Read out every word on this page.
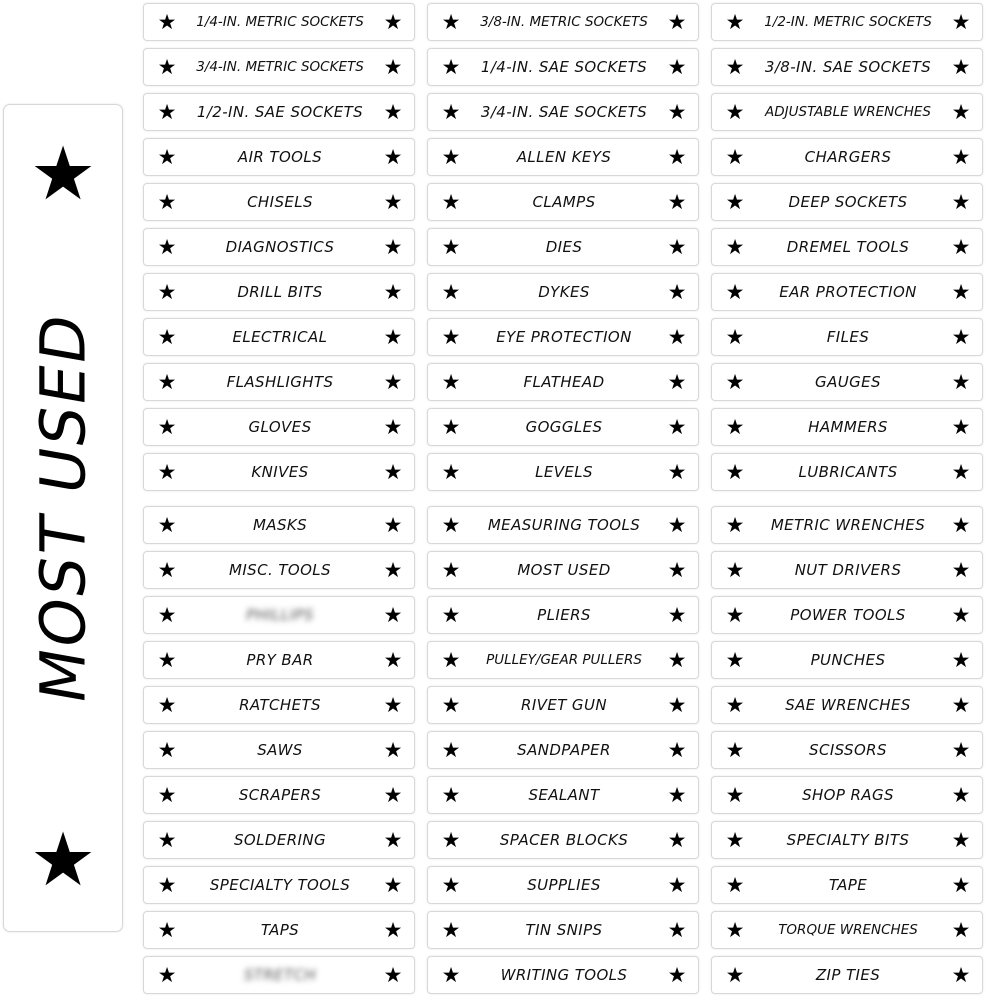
★
MOST USED
★
★	1/4-IN. METRIC SOCKETS ★ ★	3/8-IN. METRIC SOCKETS ★ ★	1/2-IN. METRIC SOCKETS ★
★	3/4-IN. METRIC SOCKETS ★ ★	1/4-IN. SAE SOCKETS ★ ★	3/8-IN. SAE SOCKETS ★
★	1/2-IN. SAE SOCKETS ★ ★	3/4-IN. SAE SOCKETS ★ ★	ADJUSTABLE WRENCHES ★
★	AIR TOOLS	★ ★	ALLEN KEYS	★ ★	CHARGERS	★
★	CHISELS	★ ★	CLAMPS	★ ★	DEEP SOCKETS	★
★	DIAGNOSTICS	★ ★	DIES	★ ★	DREMEL TOOLS	★
★	DRILL BITS	★ ★	DYKES	★ ★	EAR PROTECTION	★
★	ELECTRICAL	★ ★	EYE PROTECTION	★ ★	FILES	★
★	FLASHLIGHTS	★ ★	FLATHEAD	★ ★	GAUGES	★
★	GLOVES	★ ★	GOGGLES	★ ★	HAMMERS	★
★	KNIVES	★ ★	LEVELS	★ ★	LUBRICANTS	★
★	MASKS	★ ★	MEASURING TOOLS	★ ★	METRIC WRENCHES	★
★	MISC. TOOLS	★ ★	MOST USED	★ ★	NUT DRIVERS	★
★	PHILLIPS	★ ★	PLIERS	★ ★	POWER TOOLS	★
★	PRY BAR	★ ★	PULLEY/GEAR PULLERS	★ ★	PUNCHES	★
★	RATCHETS	★ ★	RIVET GUN	★ ★	SAE WRENCHES	★
★	SAWS	★ ★	SANDPAPER	★ ★	SCISSORS	★
★	SCRAPERS	★ ★	SEALANT	★ ★	SHOP RAGS	★
★	SOLDERING	★ ★	SPACER BLOCKS	★ ★	SPECIALTY BITS	★
★	SPECIALTY TOOLS	★ ★	SUPPLIES	★ ★	TAPE	★
★	TAPS	★ ★	TIN SNIPS	★ ★	TORQUE WRENCHES	★
★	STRETCH	★ ★	WRITING TOOLS	★ ★	ZIP TIES	★
